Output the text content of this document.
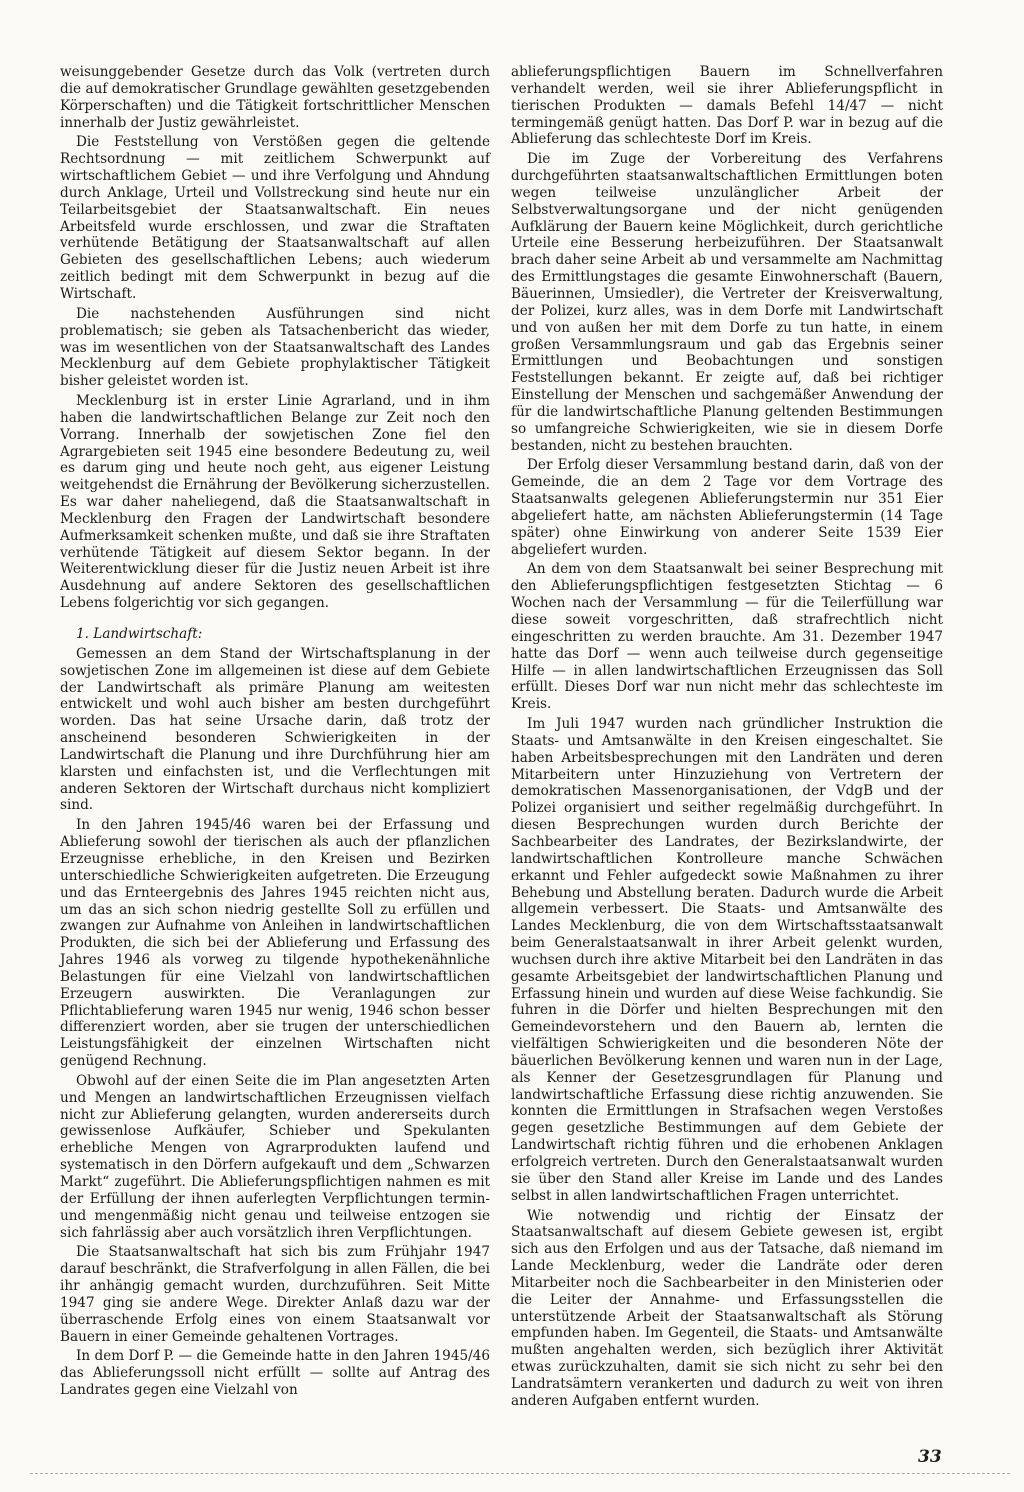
weisunggebender Gesetze durch das Volk (vertreten durch die auf demokratischer Grundlage gewählten gesetzgebenden Körperschaften) und die Tätigkeit fortschrittlicher Menschen innerhalb der Justiz gewährleistet.

Die Feststellung von Verstößen gegen die geltende Rechtsordnung — mit zeitlichem Schwerpunkt auf wirtschaftlichem Gebiet — und ihre Verfolgung und Ahndung durch Anklage, Urteil und Vollstreckung sind heute nur ein Teilarbeitsgebiet der Staatsanwaltschaft. Ein neues Arbeitsfeld wurde erschlossen, und zwar die Straftaten verhütende Betätigung der Staatsanwaltschaft auf allen Gebieten des gesellschaftlichen Lebens; auch wiederum zeitlich bedingt mit dem Schwerpunkt in bezug auf die Wirtschaft.

Die nachstehenden Ausführungen sind nicht problematisch; sie geben als Tatsachenbericht das wieder, was im wesentlichen von der Staatsanwaltschaft des Landes Mecklenburg auf dem Gebiete prophylaktischer Tätigkeit bisher geleistet worden ist.

Mecklenburg ist in erster Linie Agrarland, und in ihm haben die landwirtschaftlichen Belange zur Zeit noch den Vorrang. Innerhalb der sowjetischen Zone fiel den Agrargebieten seit 1945 eine besondere Bedeutung zu, weil es darum ging und heute noch geht, aus eigener Leistung weitgehendst die Ernährung der Bevölkerung sicherzustellen. Es war daher naheliegend, daß die Staatsanwaltschaft in Mecklenburg den Fragen der Landwirtschaft besondere Aufmerksamkeit schenken mußte, und daß sie ihre Straftaten verhütende Tätigkeit auf diesem Sektor begann. In der Weiterentwicklung dieser für die Justiz neuen Arbeit ist ihre Ausdehnung auf andere Sektoren des gesellschaftlichen Lebens folgerichtig vor sich gegangen.

1. Landwirtschaft:

Gemessen an dem Stand der Wirtschaftsplanung in der sowjetischen Zone im allgemeinen ist diese auf dem Gebiete der Landwirtschaft als primäre Planung am weitesten entwickelt und wohl auch bisher am besten durchgeführt worden. Das hat seine Ursache darin, daß trotz der anscheinend besonderen Schwierigkeiten in der Landwirtschaft die Planung und ihre Durchführung hier am klarsten und einfachsten ist, und die Verflechtungen mit anderen Sektoren der Wirtschaft durchaus nicht kompliziert sind.

In den Jahren 1945/46 waren bei der Erfassung und Ablieferung sowohl der tierischen als auch der pflanzlichen Erzeugnisse erhebliche, in den Kreisen und Bezirken unterschiedliche Schwierigkeiten aufgetreten. Die Erzeugung und das Ernteergebnis des Jahres 1945 reichten nicht aus, um das an sich schon niedrig gestellte Soll zu erfüllen und zwangen zur Aufnahme von Anleihen in landwirtschaftlichen Produkten, die sich bei der Ablieferung und Erfassung des Jahres 1946 als vorweg zu tilgende hypothekenähnliche Belastungen für eine Vielzahl von landwirtschaftlichen Erzeugern auswirkten. Die Veranlagungen zur Pflichtablieferung waren 1945 nur wenig, 1946 schon besser differenziert worden, aber sie trugen der unterschiedlichen Leistungsfähigkeit der einzelnen Wirtschaften nicht genügend Rechnung.

Obwohl auf der einen Seite die im Plan angesetzten Arten und Mengen an landwirtschaftlichen Erzeugnissen vielfach nicht zur Ablieferung gelangten, wurden andererseits durch gewissenlose Aufkäufer, Schieber und Spekulanten erhebliche Mengen von Agrarprodukten laufend und systematisch in den Dörfern aufgekauft und dem „Schwarzen Markt“ zugeführt. Die Ablieferungspflichtigen nahmen es mit der Erfüllung der ihnen auferlegten Verpflichtungen termin- und mengenmäßig nicht genau und teilweise entzogen sie sich fahrlässig aber auch vorsätzlich ihren Verpflichtungen.

Die Staatsanwaltschaft hat sich bis zum Frühjahr 1947 darauf beschränkt, die Strafverfolgung in allen Fällen, die bei ihr anhängig gemacht wurden, durchzuführen. Seit Mitte 1947 ging sie andere Wege. Direkter Anlaß dazu war der überraschende Erfolg eines von einem Staatsanwalt vor Bauern in einer Gemeinde gehaltenen Vortrages.

In dem Dorf P. — die Gemeinde hatte in den Jahren 1945/46 das Ablieferungssoll nicht erfüllt — sollte auf Antrag des Landrates gegen eine Vielzahl von

ablieferungspflichtigen Bauern im Schnellverfahren verhandelt werden, weil sie ihrer Ablieferungspflicht in tierischen Produkten — damals Befehl 14/47 — nicht termingemäß genügt hatten. Das Dorf P. war in bezug auf die Ablieferung das schlechteste Dorf im Kreis.

Die im Zuge der Vorbereitung des Verfahrens durchgeführten staatsanwaltschaftlichen Ermittlungen boten wegen teilweise unzulänglicher Arbeit der Selbstverwaltungsorgane und der nicht genügenden Aufklärung der Bauern keine Möglichkeit, durch gerichtliche Urteile eine Besserung herbeizuführen. Der Staatsanwalt brach daher seine Arbeit ab und versammelte am Nachmittag des Ermittlungstages die gesamte Einwohnerschaft (Bauern, Bäuerinnen, Umsiedler), die Vertreter der Kreisverwaltung, der Polizei, kurz alles, was in dem Dorfe mit Landwirtschaft und von außen her mit dem Dorfe zu tun hatte, in einem großen Versammlungsraum und gab das Ergebnis seiner Ermittlungen und Beobachtungen und sonstigen Feststellungen bekannt. Er zeigte auf, daß bei richtiger Einstellung der Menschen und sachgemäßer Anwendung der für die landwirtschaftliche Planung geltenden Bestimmungen so umfangreiche Schwierigkeiten, wie sie in diesem Dorfe bestanden, nicht zu bestehen brauchten.

Der Erfolg dieser Versammlung bestand darin, daß von der Gemeinde, die an dem 2 Tage vor dem Vortrage des Staatsanwalts gelegenen Ablieferungstermin nur 351 Eier abgeliefert hatte, am nächsten Ablieferungstermin (14 Tage später) ohne Einwirkung von anderer Seite 1539 Eier abgeliefert wurden.

An dem von dem Staatsanwalt bei seiner Besprechung mit den Ablieferungspflichtigen festgesetzten Stichtag — 6 Wochen nach der Versammlung — für die Teilerfüllung war diese soweit vorgeschritten, daß strafrechtlich nicht eingeschritten zu werden brauchte. Am 31. Dezember 1947 hatte das Dorf — wenn auch teilweise durch gegenseitige Hilfe — in allen landwirtschaftlichen Erzeugnissen das Soll erfüllt. Dieses Dorf war nun nicht mehr das schlechteste im Kreis.

Im Juli 1947 wurden nach gründlicher Instruktion die Staats- und Amtsanwälte in den Kreisen eingeschaltet. Sie haben Arbeitsbesprechungen mit den Landräten und deren Mitarbeitern unter Hinzuziehung von Vertretern der demokratischen Massenorganisationen, der VdgB und der Polizei organisiert und seither regelmäßig durchgeführt. In diesen Besprechungen wurden durch Berichte der Sachbearbeiter des Landrates, der Bezirkslandwirte, der landwirtschaftlichen Kontrolleure manche Schwächen erkannt und Fehler aufgedeckt sowie Maßnahmen zu ihrer Behebung und Abstellung beraten. Dadurch wurde die Arbeit allgemein verbessert. Die Staats- und Amtsanwälte des Landes Mecklenburg, die von dem Wirtschaftsstaatsanwalt beim Generalstaatsanwalt in ihrer Arbeit gelenkt wurden, wuchsen durch ihre aktive Mitarbeit bei den Landräten in das gesamte Arbeitsgebiet der landwirtschaftlichen Planung und Erfassung hinein und wurden auf diese Weise fachkundig. Sie fuhren in die Dörfer und hielten Besprechungen mit den Gemeindevorstehern und den Bauern ab, lernten die vielfältigen Schwierigkeiten und die besonderen Nöte der bäuerlichen Bevölkerung kennen und waren nun in der Lage, als Kenner der Gesetzesgrundlagen für Planung und landwirtschaftliche Erfassung diese richtig anzuwenden. Sie konnten die Ermittlungen in Strafsachen wegen Verstoßes gegen gesetzliche Bestimmungen auf dem Gebiete der Landwirtschaft richtig führen und die erhobenen Anklagen erfolgreich vertreten. Durch den Generalstaatsanwalt wurden sie über den Stand aller Kreise im Lande und des Landes selbst in allen landwirtschaftlichen Fragen unterrichtet.

Wie notwendig und richtig der Einsatz der Staatsanwaltschaft auf diesem Gebiete gewesen ist, ergibt sich aus den Erfolgen und aus der Tatsache, daß niemand im Lande Mecklenburg, weder die Landräte oder deren Mitarbeiter noch die Sachbearbeiter in den Ministerien oder die Leiter der Annahme- und Erfassungsstellen die unterstützende Arbeit der Staatsanwaltschaft als Störung empfunden haben. Im Gegenteil, die Staats- und Amtsanwälte mußten angehalten werden, sich bezüglich ihrer Aktivität etwas zurückzuhalten, damit sie sich nicht zu sehr bei den Landratsämtern verankerten und dadurch zu weit von ihren anderen Aufgaben entfernt wurden.

33
